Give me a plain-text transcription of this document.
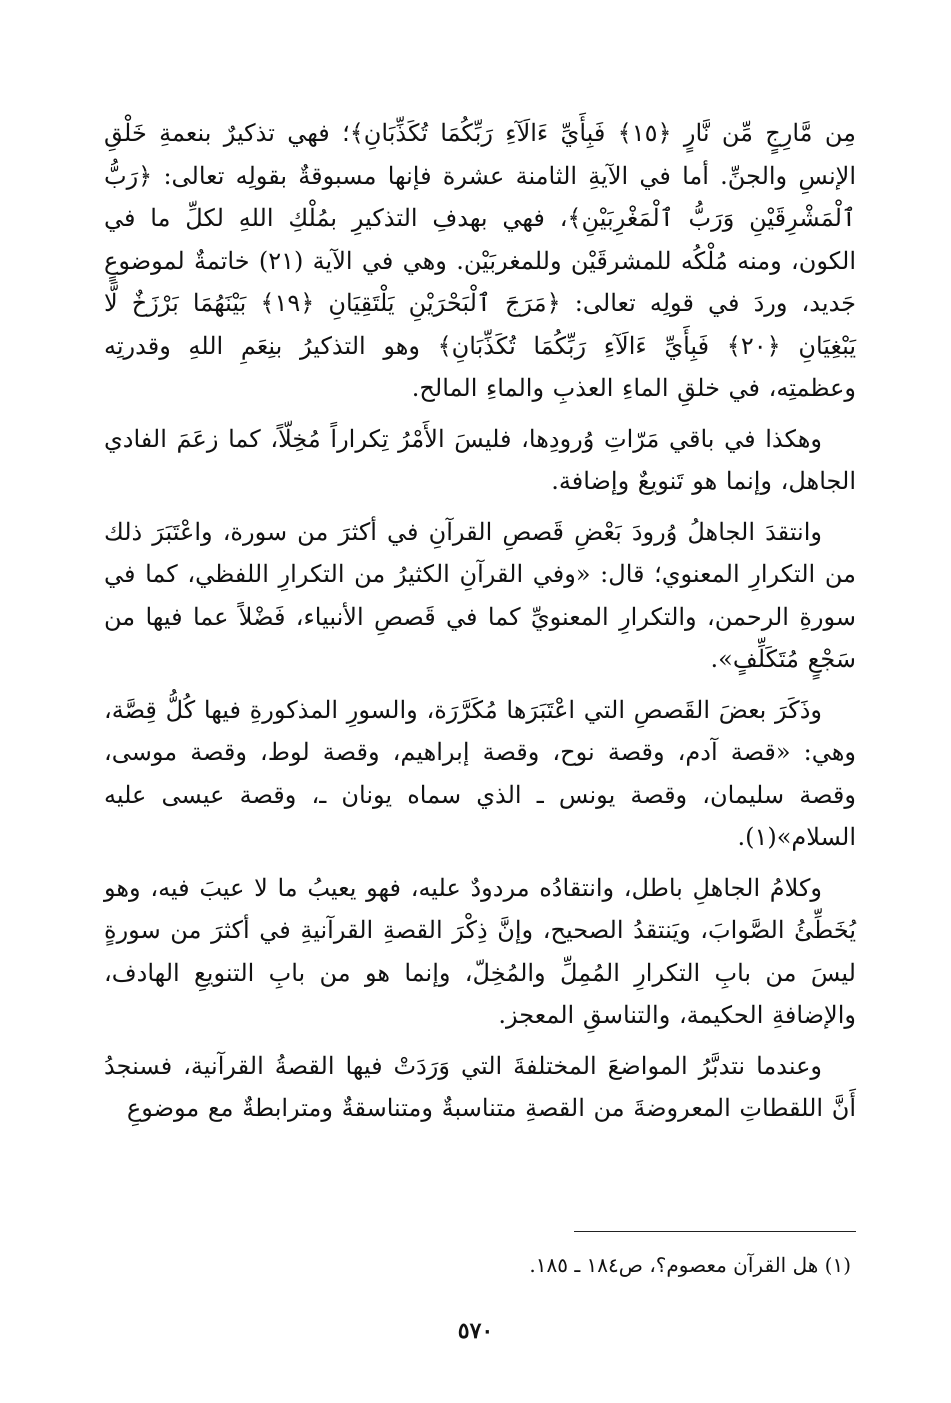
مِن مَّارِجٍ مِّن نَّارٍ ﴿١٥﴾ فَبِأَيِّ ءَالَآءِ رَبِّكُمَا تُكَذِّبَانِ﴾؛ فهي تذكيرٌ بنعمةِ خَلْقِ الإنسِ والجنِّ. أما في الآيةِ الثامنة عشرة فإنها مسبوقةٌ بقولِه تعالى: ﴿رَبُّ ٱلْمَشْرِقَيْنِ وَرَبُّ ٱلْمَغْرِبَيْنِ﴾، فهي بهدفِ التذكيرِ بمُلْكِ اللهِ لكلِّ ما في الكون، ومنه مُلْكُه للمشرقَيْن وللمغربَيْن. وهي في الآية (٢١) خاتمةٌ لموضوعٍ جَديد، وردَ في قولِه تعالى: ﴿مَرَجَ ٱلْبَحْرَيْنِ يَلْتَقِيَانِ ﴿١٩﴾ بَيْنَهُمَا بَرْزَخٌ لَّا يَبْغِيَانِ ﴿٢٠﴾ فَبِأَيِّ ءَالَآءِ رَبِّكُمَا تُكَذِّبَانِ﴾ وهو التذكيرُ بنِعَمِ اللهِ وقدرتِه وعظمتِه، في خلقِ الماءِ العذبِ والماءِ المالح.

وهكذا في باقي مَرّاتِ وُرودِها، فليسَ الأَمْرُ تِكراراً مُخِلّاً، كما زعَمَ الفادي الجاهل، وإنما هو تَنويعٌ وإضافة.

وانتقدَ الجاهلُ وُرودَ بَعْضِ قَصصِ القرآنِ في أكثرَ من سورة، واعْتَبَرَ ذلك من التكرارِ المعنوي؛ قال: «وفي القرآنِ الكثيرُ من التكرارِ اللفظي، كما في سورةِ الرحمن، والتكرارِ المعنويِّ كما في قَصصِ الأنبياء، فَضْلاً عما فيها من سَجْعٍ مُتَكَلِّفٍ».

وذَكَرَ بعضَ القَصصِ التي اعْتَبَرَها مُكَرَّرَة، والسورِ المذكورةِ فيها كُلُّ قِصَّة، وهي: «قصة آدم، وقصة نوح، وقصة إبراهيم، وقصة لوط، وقصة موسى، وقصة سليمان، وقصة يونس ـ الذي سماه يونان ـ، وقصة عيسى عليه السلام»(١).

وكلامُ الجاهلِ باطل، وانتقادُه مردودٌ عليه، فهو يعيبُ ما لا عيبَ فيه، وهو يُخَطِّئُ الصَّوابَ، ويَنتقدُ الصحيح، وإنَّ ذِكْرَ القصةِ القرآنيةِ في أكثرَ من سورةٍ ليسَ من بابِ التكرارِ المُمِلِّ والمُخِلّ، وإنما هو من بابِ التنويعِ الهادف، والإضافةِ الحكيمة، والتناسقِ المعجز.

وعندما نتدبَّرُ المواضعَ المختلفةَ التي وَرَدَتْ فيها القصةُ القرآنية، فسنجدُ أَنَّ اللقطاتِ المعروضةَ من القصةِ متناسبةٌ ومتناسقةٌ ومترابطةٌ مع موضوعِ

(١) هل القرآن معصوم؟، ص١٨٤ ـ ١٨٥.
٥٧٠
